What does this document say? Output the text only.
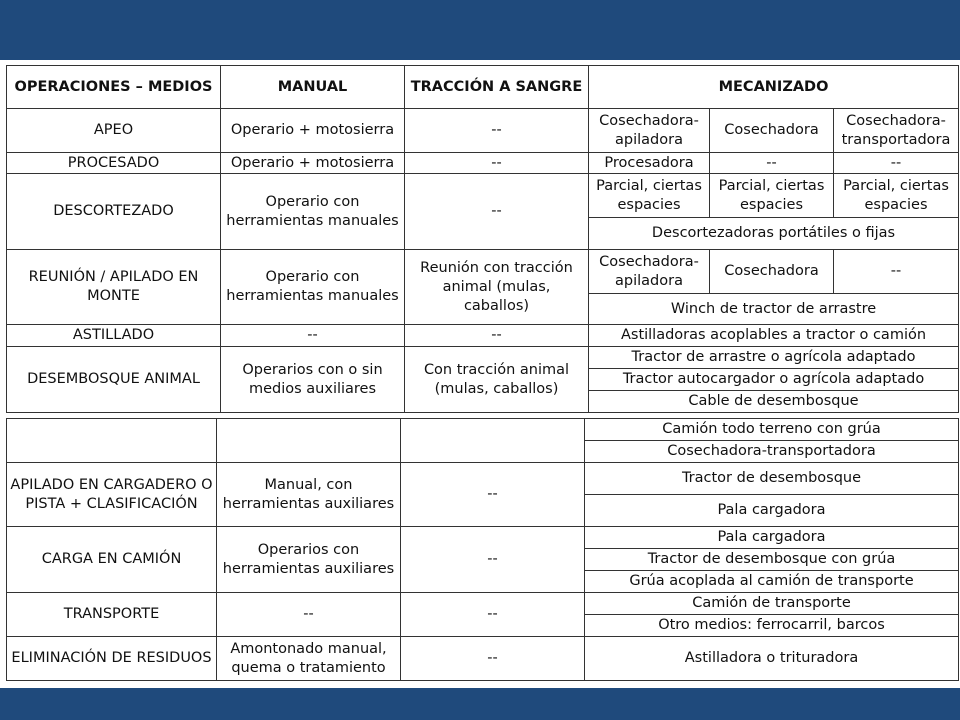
OPERACIONES – MEDIOS	MANUAL	TRACCIÓN A SANGRE	MECANIZADO		
APEO	Operario + motosierra	--	Cosechadora-apiladora	Cosechadora	Cosechadora-transportadora
PROCESADO	Operario + motosierra	--	Procesadora	--	--
DESCORTEZADO	Operario con herramientas manuales	--	Parcial, ciertas espacies	Parcial, ciertas espacies	Parcial, ciertas espacies
			Descortezadoras portátiles o fijas		
REUNIÓN / APILADO EN MONTE	Operario con herramientas manuales	Reunión con tracción animal (mulas, caballos)	Cosechadora-apiladora	Cosechadora	--
			Winch de tractor de arrastre		
ASTILLADO	--	--	Astilladoras acoplables a tractor o camión		
DESEMBOSQUE ANIMAL	Operarios con o sin medios auxiliares	Con tracción animal (mulas, caballos)	Tractor de arrastre o agrícola adaptado		
			Tractor autocargador o agrícola adaptado		
			Cable de desembosque		
			Camión todo terreno con grúa
			Cosechadora-transportadora
APILADO EN CARGADERO O PISTA + CLASIFICACIÓN	Manual, con herramientas auxiliares	--	Tractor de desembosque
			Pala cargadora
CARGA EN CAMIÓN	Operarios con herramientas auxiliares	--	Pala cargadora
			Tractor de desembosque con grúa
			Grúa acoplada al camión de transporte
TRANSPORTE	--	--	Camión de transporte
			Otro medios: ferrocarril, barcos
ELIMINACIÓN DE RESIDUOS	Amontonado manual, quema o tratamiento	--	Astilladora o trituradora
